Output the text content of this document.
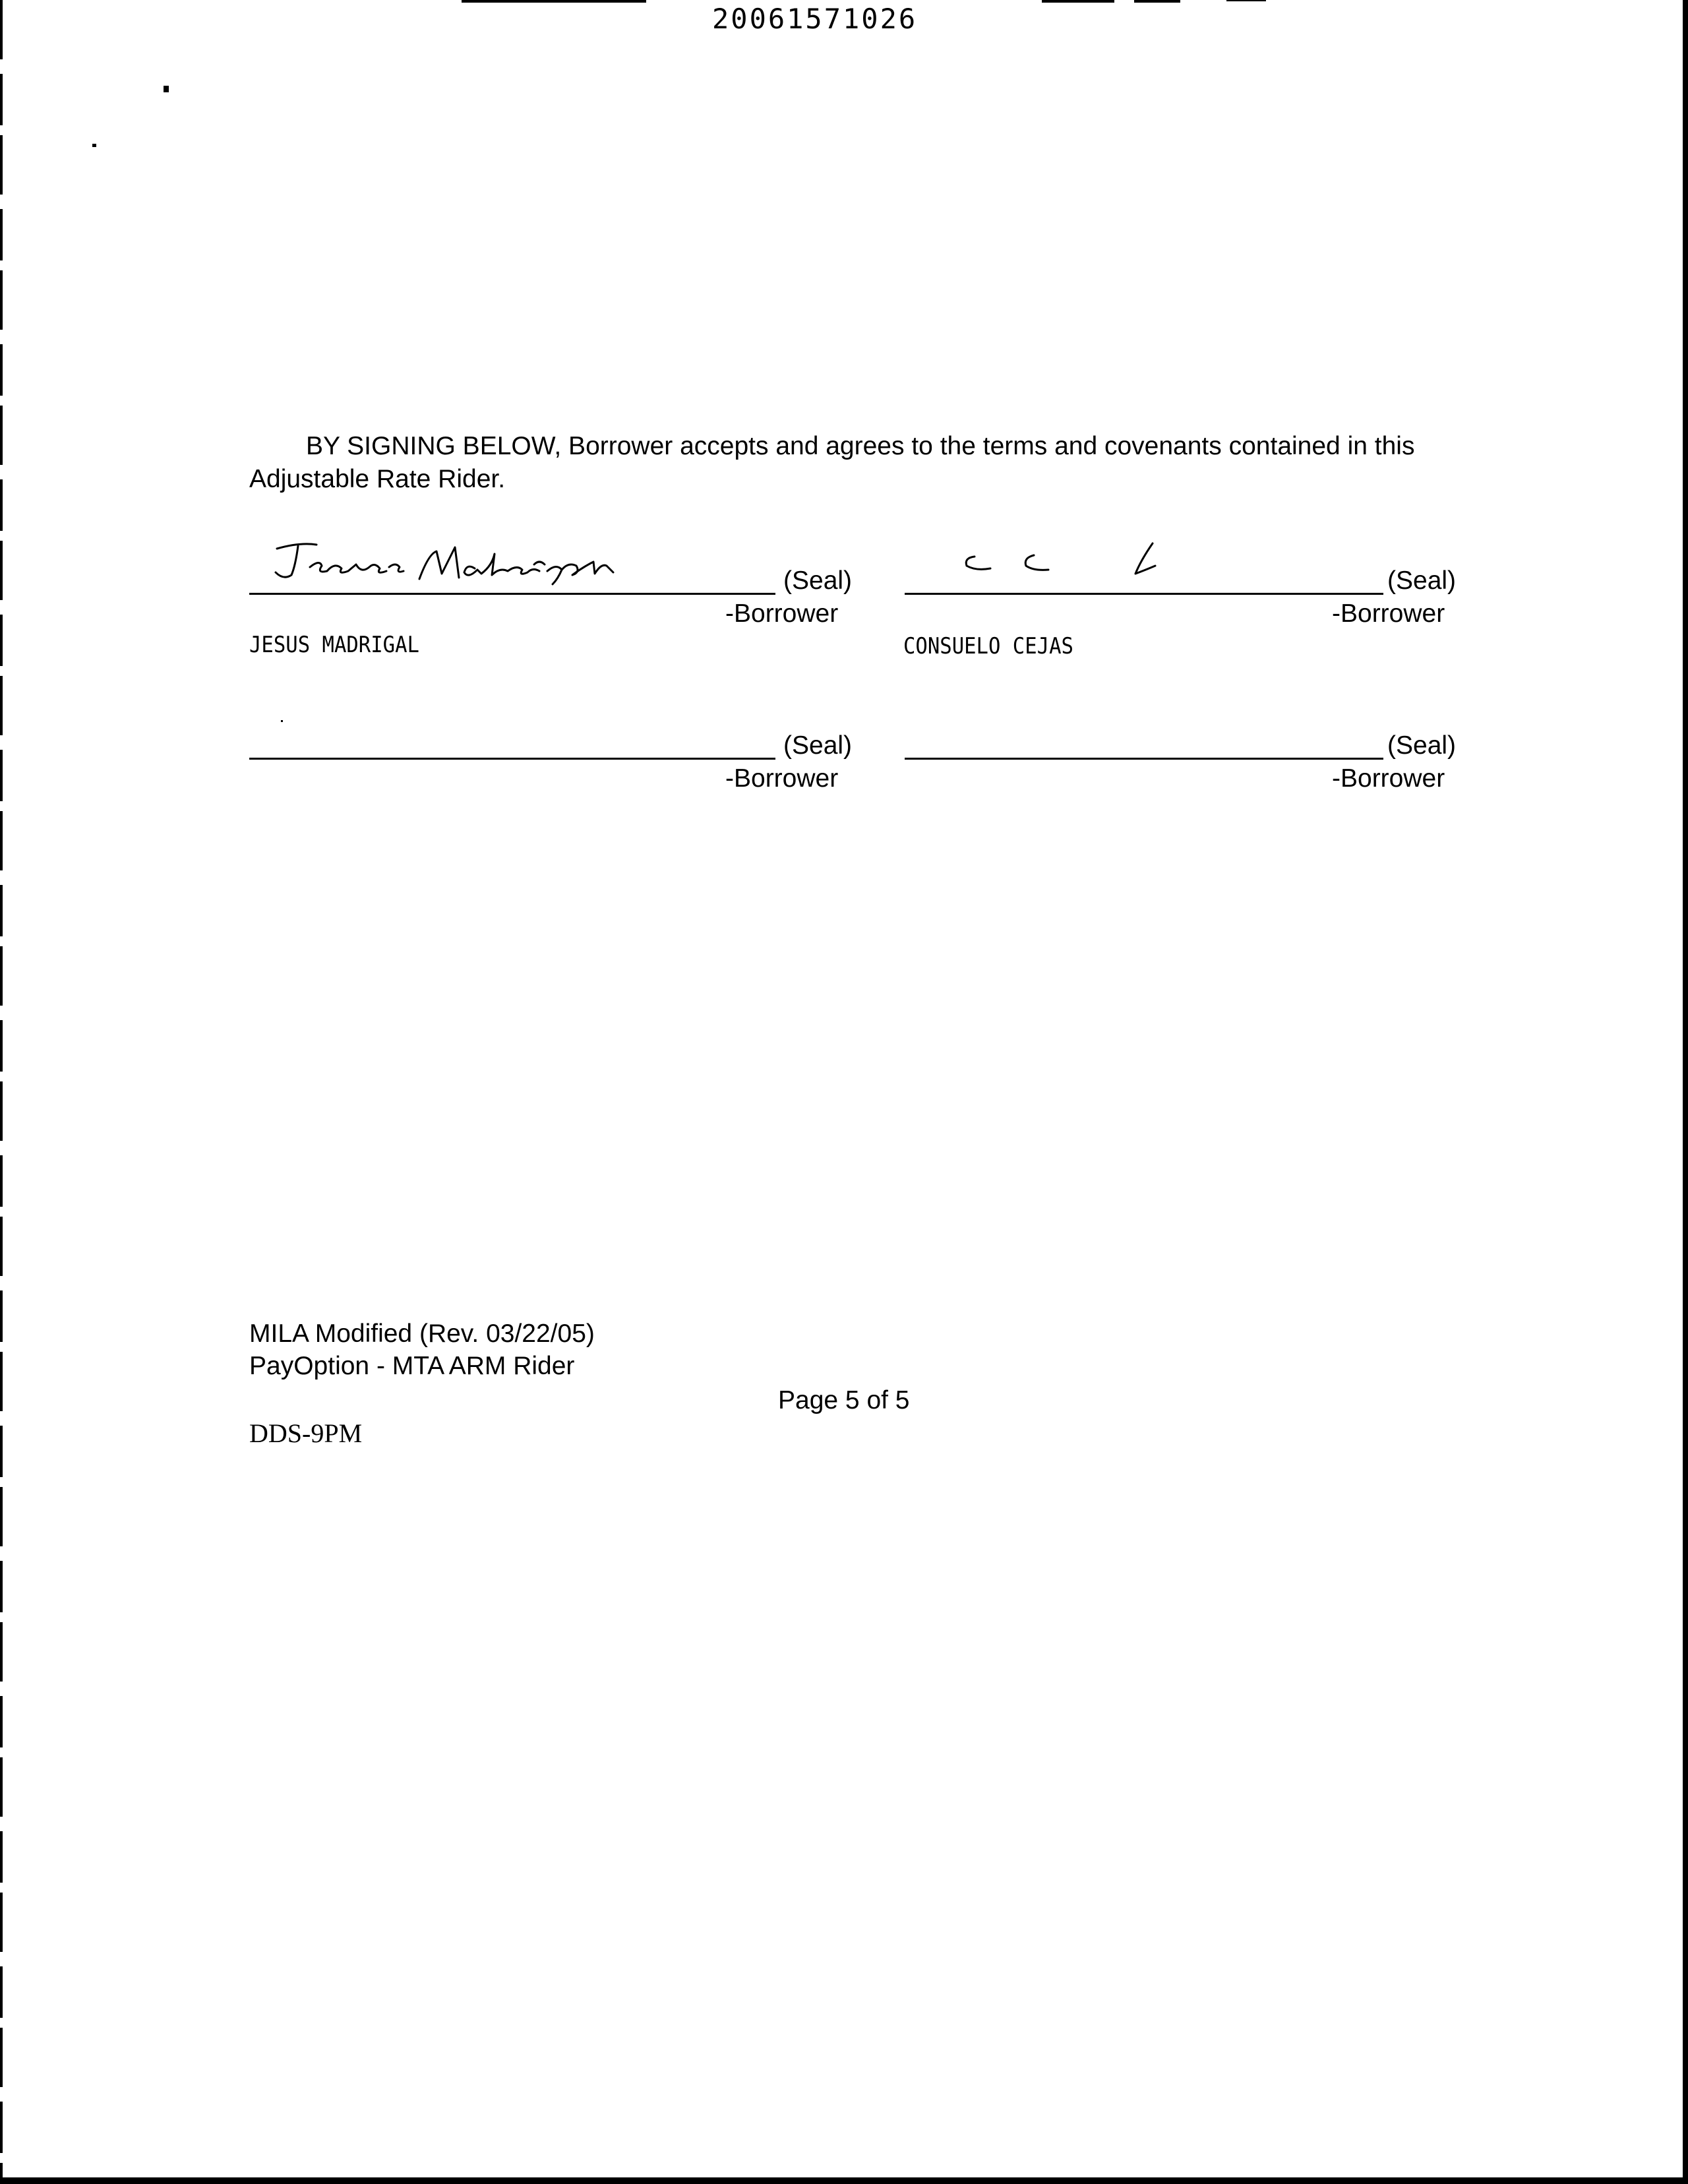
20061571026
BY SIGNING BELOW, Borrower accepts and agrees to the terms and covenants contained in this Adjustable Rate Rider.
(Seal)
-Borrower
JESUS MADRIGAL
(Seal)
-Borrower
CONSUELO CEJAS
(Seal)
-Borrower
(Seal)
-Borrower
MILA Modified (Rev. 03/22/05)
PayOption - MTA ARM Rider
Page 5 of 5
DDS-9PM
